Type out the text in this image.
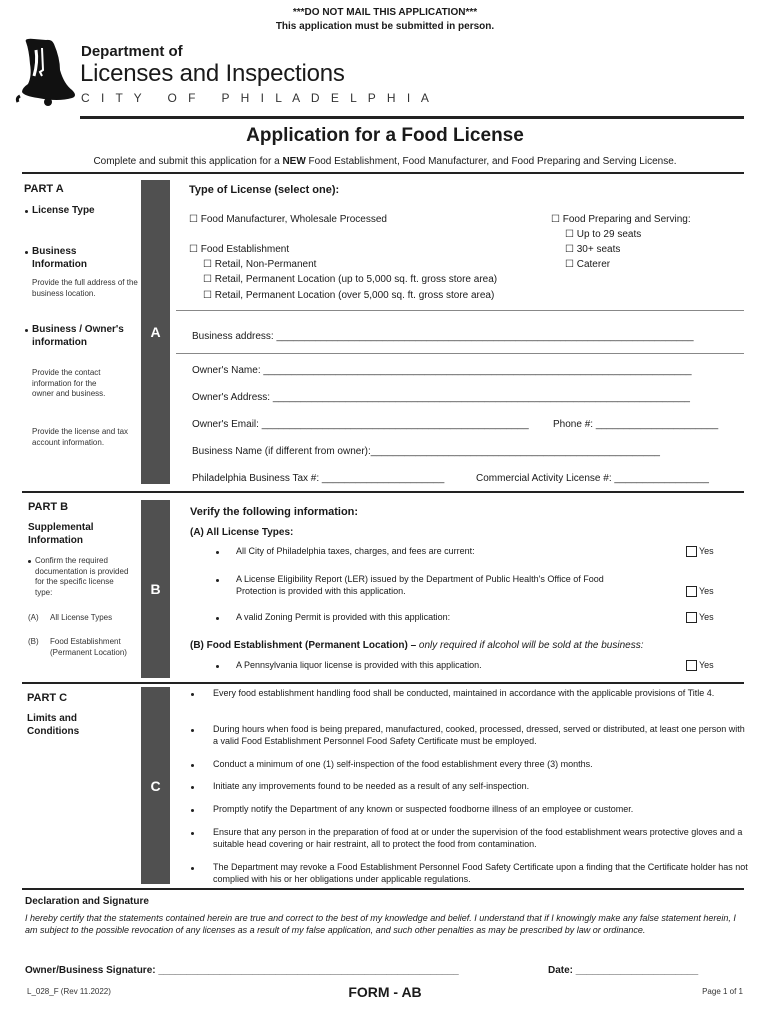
***DO NOT MAIL THIS APPLICATION***
This application must be submitted in person.
Department of
Licenses and Inspections
C I T Y   O F   P H I L A D E L P H I A
Application for a Food License
Complete and submit this application for a NEW Food Establishment, Food Manufacturer, and Food Preparing and Serving License.
PART A
A
License Type
Business Information
Provide the full address of the business location.
Business / Owner's information
Provide the contact information for the owner and business.
Provide the license and tax account information.
Type of License (select one):
☐ Food Manufacturer, Wholesale Processed
☐ Food Establishment
☐ Retail, Non-Permanent
☐ Retail, Permanent Location (up to 5,000 sq. ft. gross store area)
☐ Retail, Permanent Location (over 5,000 sq. ft. gross store area)
☐ Food Preparing and Serving:
☐ Up to 29 seats
☐ 30+ seats
☐ Caterer
Business address: ___________________________________________________________________________
Owner's Name: _____________________________________________________________________________
Owner's Address: ___________________________________________________________________________
Owner's Email: ________________________________________________ Phone #: ______________________
Business Name (if different from owner):____________________________________________________
Philadelphia Business Tax #: ______________________	Commercial Activity License #: _________________
PART B
B
Supplemental Information
Confirm the required documentation is provided for the specific license type:
(A) All License Types
(B) Food Establishment (Permanent Location)
Verify the following information:
(A) All License Types:
All City of Philadelphia taxes, charges, and fees are current:	Yes
A License Eligibility Report (LER) issued by the Department of Public Health's Office of Food Protection is provided with this application.	Yes
A valid Zoning Permit is provided with this application:	Yes
(B) Food Establishment (Permanent Location) – only required if alcohol will be sold at the business:
A Pennsylvania liquor license is provided with this application.	Yes
PART C
C
Limits and Conditions
Every food establishment handling food shall be conducted, maintained in accordance with the applicable provisions of Title 4.
During hours when food is being prepared, manufactured, cooked, processed, dressed, served or distributed, at least one person with a valid Food Establishment Personnel Food Safety Certificate must be employed.
Conduct a minimum of one (1) self-inspection of the food establishment every three (3) months.
Initiate any improvements found to be needed as a result of any self-inspection.
Promptly notify the Department of any known or suspected foodborne illness of an employee or customer.
Ensure that any person in the preparation of food at or under the supervision of the food establishment wears protective gloves and a suitable head covering or hair restraint, all to protect the food from contamination.
The Department may revoke a Food Establishment Personnel Food Safety Certificate upon a finding that the Certificate holder has not complied with his or her obligations under applicable regulations.
Declaration and Signature
I hereby certify that the statements contained herein are true and correct to the best of my knowledge and belief. I understand that if I knowingly make any false statement herein, I am subject to the possible revocation of any licenses as a result of my false application, and such other penalties as may be prescribed by law or ordinance.
Owner/Business Signature: ______________________________________________________	Date: ______________________
L_028_F (Rev 11.2022)	FORM - AB	Page 1 of 1
